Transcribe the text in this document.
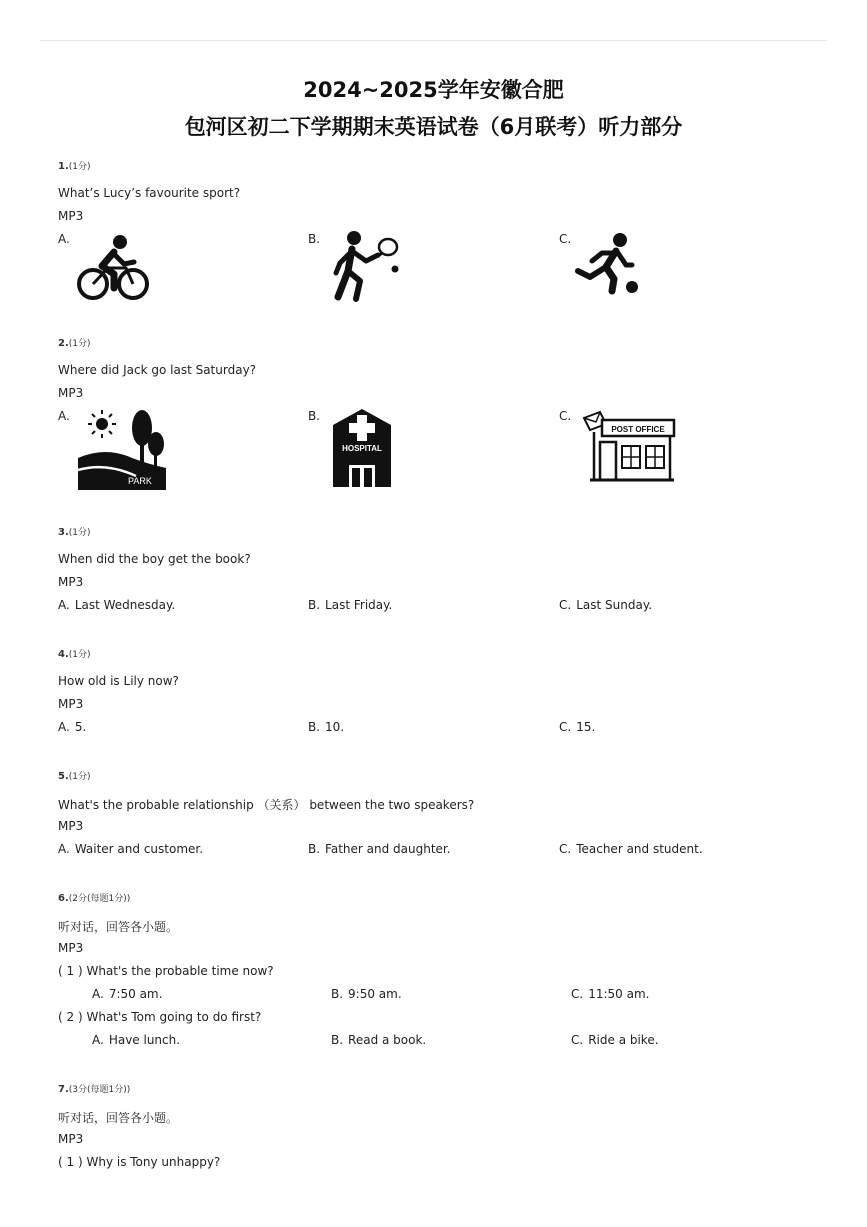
2024~2025学年安徽合肥
包河区初二下学期期末英语试卷（6月联考）听力部分
1.(1分)
What’s Lucy’s favourite sport?
MP3
A.	B.	C.
2.(1分)
Where did Jack go last Saturday?
MP3
A.	B.	C.
PARK
HOSPITAL
POST OFFICE
3.(1分)
When did the boy get the book?
MP3
A. Last Wednesday.	B. Last Friday.	C. Last Sunday.
4.(1分)
How old is Lily now?
MP3
A. 5.	B. 10.	C. 15.
5.(1分)
What's the probable relationship （关系） between the two speakers?
MP3
A. Waiter and customer.	B. Father and daughter.	C. Teacher and student.
6.(2分(每题1分))
听对话，回答各小题。
MP3
( 1 ) What's the probable time now?
A. 7:50 am.	B. 9:50 am.	C. 11:50 am.
( 2 ) What's Tom going to do first?
A. Have lunch.	B. Read a book.	C. Ride a bike.
7.(3分(每题1分))
听对话，回答各小题。
MP3
( 1 ) Why is Tony unhappy?
